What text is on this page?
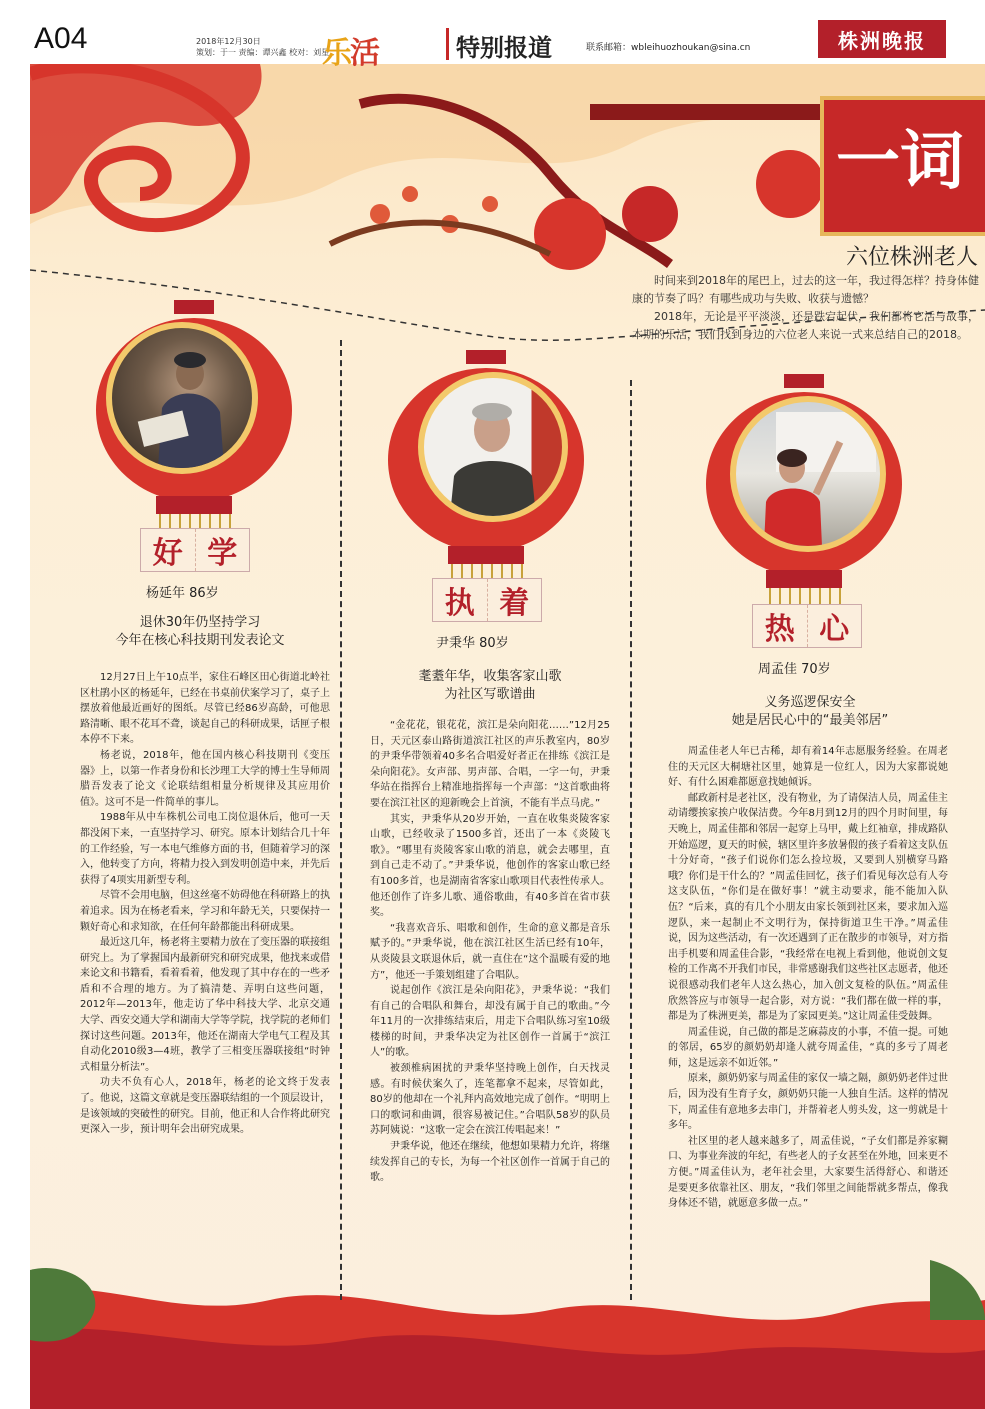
A04	2018年12月30日
策划：于一 责编：谭兴鑫 校对：刘星
乐活	特别报道	联系邮箱：wbleihuozhoukan@sina.cn	株洲晚报
一词
六位株洲老人

时间来到2018年的尾巴上，过去的这一年，我过得怎样？持身体健康的节奏了吗？有哪些成功与失败、收获与遗憾？

2018年，无论是平平淡淡，还是跌宕起伏，我们都将它活与故事，本期的乐活，我们找到身边的六位老人来说一式来总结自己的2018。

好 学
杨延年 86岁
退休30年仍坚持学习
今年在核心科技期刊发表论文

12月27日上午10点半，家住石峰区田心街道北岭社区杜鹃小区的杨延年，已经在书桌前伏案学习了，桌子上摆放着他最近画好的图纸。尽管已经86岁高龄，可他思路清晰、眼不花耳不聋，谈起自己的科研成果，话匣子根本停不下来。

杨老说，2018年，他在国内核心科技期刊《变压器》上，以第一作者身份和长沙理工大学的博士生导师周腊吾发表了论文《论联结组相量分析规律及其应用价值》。这可不是一件简单的事儿。

1988年从中车株机公司电工岗位退休后，他可一天都没闲下来，一直坚持学习、研究。原本计划结合几十年的工作经验，写一本电气维修方面的书，但随着学习的深入，他转变了方向，将精力投入到发明创造中来，并先后获得了4项实用新型专利。

尽管不会用电脑，但这丝毫不妨碍他在科研路上的执着追求。因为在杨老看来，学习和年龄无关，只要保持一颗好奇心和求知欲，在任何年龄都能出科研成果。

最近这几年，杨老将主要精力放在了变压器的联接组研究上。为了掌握国内最新研究和研究成果，他找来或借来论文和书籍看，看着看着，他发现了其中存在的一些矛盾和不合理的地方。为了搞清楚、弄明白这些问题，2012年—2013年，他走访了华中科技大学、北京交通大学、西安交通大学和湖南大学等学院，找学院的老师们探讨这些问题。2013年，他还在湖南大学电气工程及其自动化2010级3—4班，教学了三相变压器联接组“时钟式相量分析法”。

功夫不负有心人，2018年，杨老的论文终于发表了。他说，这篇文章就是变压器联结组的一个顶层设计，是该领域的突破性的研究。目前，他正和人合作将此研究更深入一步，预计明年会出研究成果。

执 着
尹秉华 80岁
耄耋年华，收集客家山歌
为社区写歌谱曲

“金花花，银花花，滨江是朵向阳花……”12月25日，天元区泰山路街道滨江社区的声乐教室内，80岁的尹秉华带领着40多名合唱爱好者正在排练《滨江是朵向阳花》。女声部、男声部、合唱，一字一句，尹秉华站在指挥台上精准地指挥每一个声部：“这首歌曲将要在滨江社区的迎新晚会上首演，不能有半点马虎。”

其实，尹秉华从20岁开始，一直在收集炎陵客家山歌，已经收录了1500多首，还出了一本《炎陵飞歌》。“哪里有炎陵客家山歌的消息，就会去哪里，直到自己走不动了。”尹秉华说，他创作的客家山歌已经有100多首，也是湖南省客家山歌项目代表性传承人。他还创作了许多儿歌、通俗歌曲，有40多首在省市获奖。

“我喜欢音乐、唱歌和创作，生命的意义都是音乐赋予的。”尹秉华说，他在滨江社区生活已经有10年，从炎陵县文联退休后，就一直住在“这个温暖有爱的地方”，他还一手策划组建了合唱队。

说起创作《滨江是朵向阳花》，尹秉华说：“我们有自己的合唱队和舞台，却没有属于自己的歌曲。”今年11月的一次排练结束后，用走下合唱队练习室10级楼梯的时间，尹秉华决定为社区创作一首属于“滨江人”的歌。

被颈椎病困扰的尹秉华坚持晚上创作，白天找灵感。有时候伏案久了，连笔都拿不起来，尽管如此，80岁的他却在一个礼拜内高效地完成了创作。“明明上口的歌词和曲调，很容易被记住。”合唱队58岁的队员苏阿姨说：“这歌一定会在滨江传唱起来！”

尹秉华说，他还在继续，他想如果精力允许，将继续发挥自己的专长，为每一个社区创作一首属于自己的歌。

热 心
周孟佳 70岁
义务巡逻保安全
她是居民心中的“最美邻居”

周孟佳老人年已古稀，却有着14年志愿服务经验。在周老住的天元区大桐塘社区里，她算是一位红人，因为大家都说她好、有什么困难都愿意找她倾诉。

邮政新村是老社区，没有物业，为了请保洁人员，周孟佳主动请缨挨家挨户收保洁费。今年8月到12月的四个月时间里，每天晚上，周孟佳都和邻居一起穿上马甲，戴上红袖章，排成路队开始巡逻，夏天的时候，辖区里许多放暑假的孩子看着这支队伍十分好奇，“孩子们说你们怎么捡垃圾，又要到人别横穿马路哦？你们是干什么的？”周孟佳回忆，孩子们看见每次总有人夸这支队伍，“你们是在做好事！”就主动要求，能不能加入队伍？“后来，真的有几个小朋友由家长领到社区来，要求加入巡逻队，来一起制止不文明行为，保持街道卫生干净。”周孟佳说，因为这些活动，有一次还遇到了正在散步的市领导，对方指出手机要和周孟佳合影，“我经常在电视上看到他，他说创文复检的工作离不开我们市民，非常感谢我们这些社区志愿者，他还说很感动我们老年人这么热心，加入创文复检的队伍。”周孟佳欣然答应与市领导一起合影，对方说：“我们都在做一样的事，都是为了株洲更美，都是为了家园更美。”这让周孟佳受鼓舞。

周孟佳说，自己做的都是芝麻蒜皮的小事，不值一提。可她的邻居，65岁的颜奶奶却逢人就夸周孟佳，“真的多亏了周老师，这是远亲不如近邻。”

原来，颜奶奶家与周孟佳的家仅一墙之隔，颜奶奶老伴过世后，因为没有生育子女，颜奶奶只能一人独自生活。这样的情况下，周孟佳有意地多去串门，并帮着老人剪头发，这一剪就是十多年。

社区里的老人越来越多了，周孟佳说，“子女们都是养家糊口、为事业奔波的年纪，有些老人的子女甚至在外地，回来更不方便。”周孟佳认为，老年社会里，大家要生活得舒心、和谐还是要更多依靠社区、朋友，“我们邻里之间能帮就多帮点，像我身体还不错，就愿意多做一点。”
